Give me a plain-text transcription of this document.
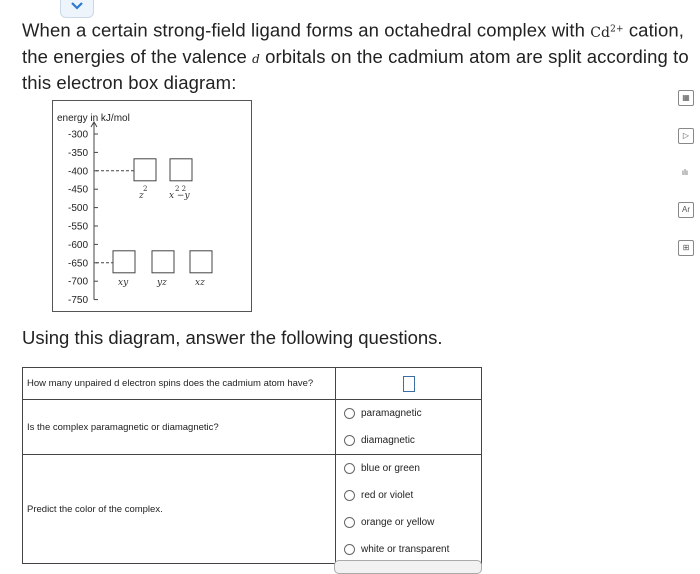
When a certain strong-field ligand forms an octahedral complex with $Cd^{2+}$ cation, the energies of the valence d orbitals on the cadmium atom are split according to this electron box diagram:
energy in kJ/mol
-300
-350
-400
-450
-500
-550
-600
-650
-700
-750
z
2
x −y
2 2
xy	yz	xz
Using this diagram, answer the following questions.
How many unpaired d electron spins does the cadmium atom have?	

Is the complex paramagnetic or diamagnetic?	paramagnetic
diamagnetic

Predict the color of the complex.	blue or green
red or violet
orange or yellow
white or transparent
▦
▷
ılı
Ar
⊞
